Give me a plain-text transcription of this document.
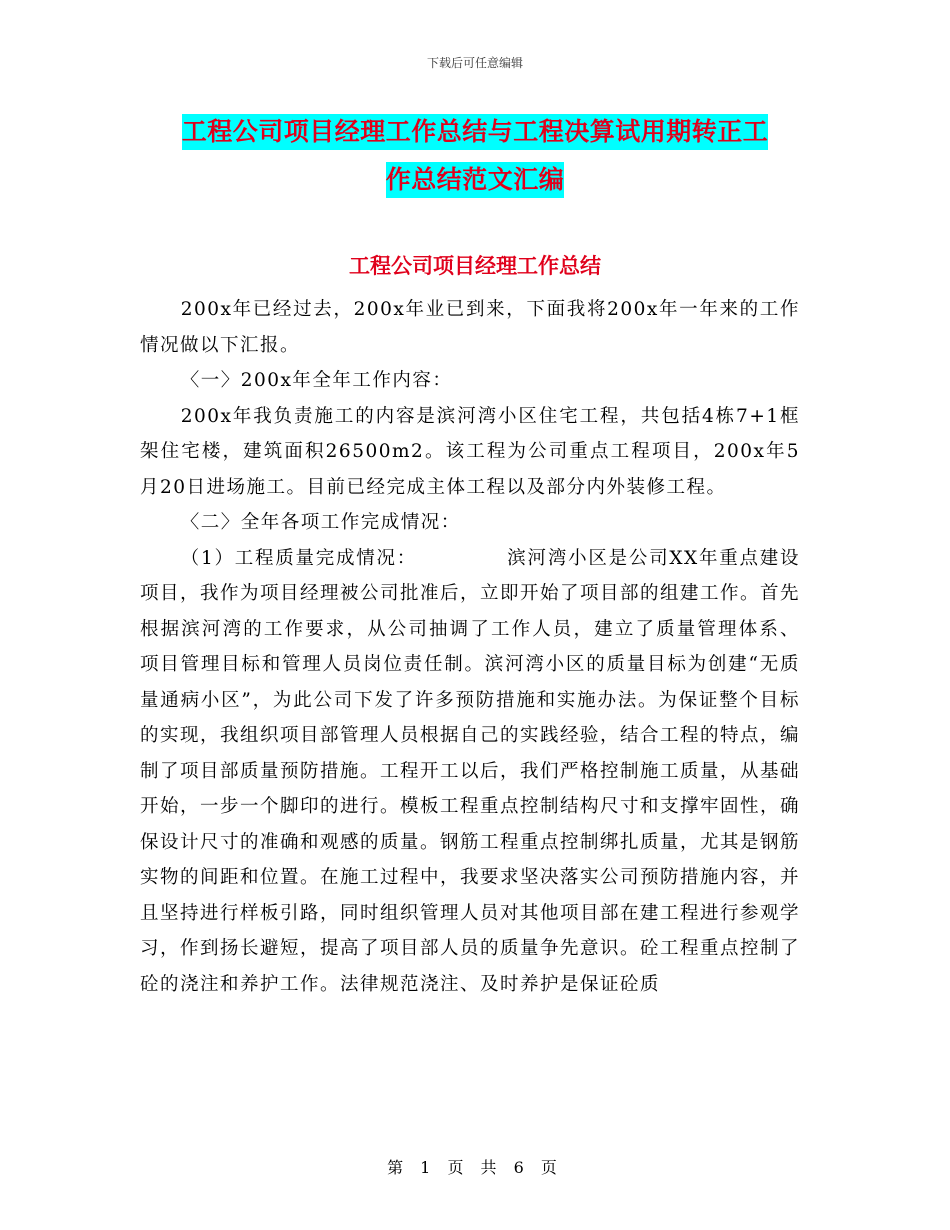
下载后可任意编辑
工程公司项目经理工作总结与工程决算试用期转正工
作总结范文汇编
工程公司项目经理工作总结

200x年已经过去，200x年业已到来，下面我将200x年一年来的工作情况做以下汇报。

〈一〉200x年全年工作内容：

200x年我负责施工的内容是滨河湾小区住宅工程，共包括4栋7+1框架住宅楼，建筑面积26500m2。该工程为公司重点工程项目，200x年5月20日进场施工。目前已经完成主体工程以及部分内外装修工程。

〈二〉全年各项工作完成情况：

（1）工程质量完成情况：	滨河湾小区是公司XX年重点建设项目，我作为项目经理被公司批准后，立即开始了项目部的组建工作。首先根据滨河湾的工作要求，从公司抽调了工作人员，建立了质量管理体系、 项目管理目标和管理人员岗位责任制。滨河湾小区的质量目标为创建“无质量通病小区”，为此公司下发了许多预防措施和实施办法。为保证整个目标的实现，我组织项目部管理人员根据自己的实践经验，结合工程的特点，编制了项目部质量预防措施。工程开工以后，我们严格控制施工质量，从基础开始，一步一个脚印的进行。模板工程重点控制结构尺寸和支撑牢固性，确保设计尺寸的准确和观感的质量。钢筋工程重点控制绑扎质量，尤其是钢筋实物的间距和位置。在施工过程中，我要求坚决落实公司预防措施内容，并且坚持进行样板引路，同时组织管理人员对其他项目部在建工程进行参观学习，作到扬长避短，提高了项目部人员的质量争先意识。砼工程重点控制了砼的浇注和养护工作。法律规范浇注、及时养护是保证砼质

第 1 页 共 6 页
